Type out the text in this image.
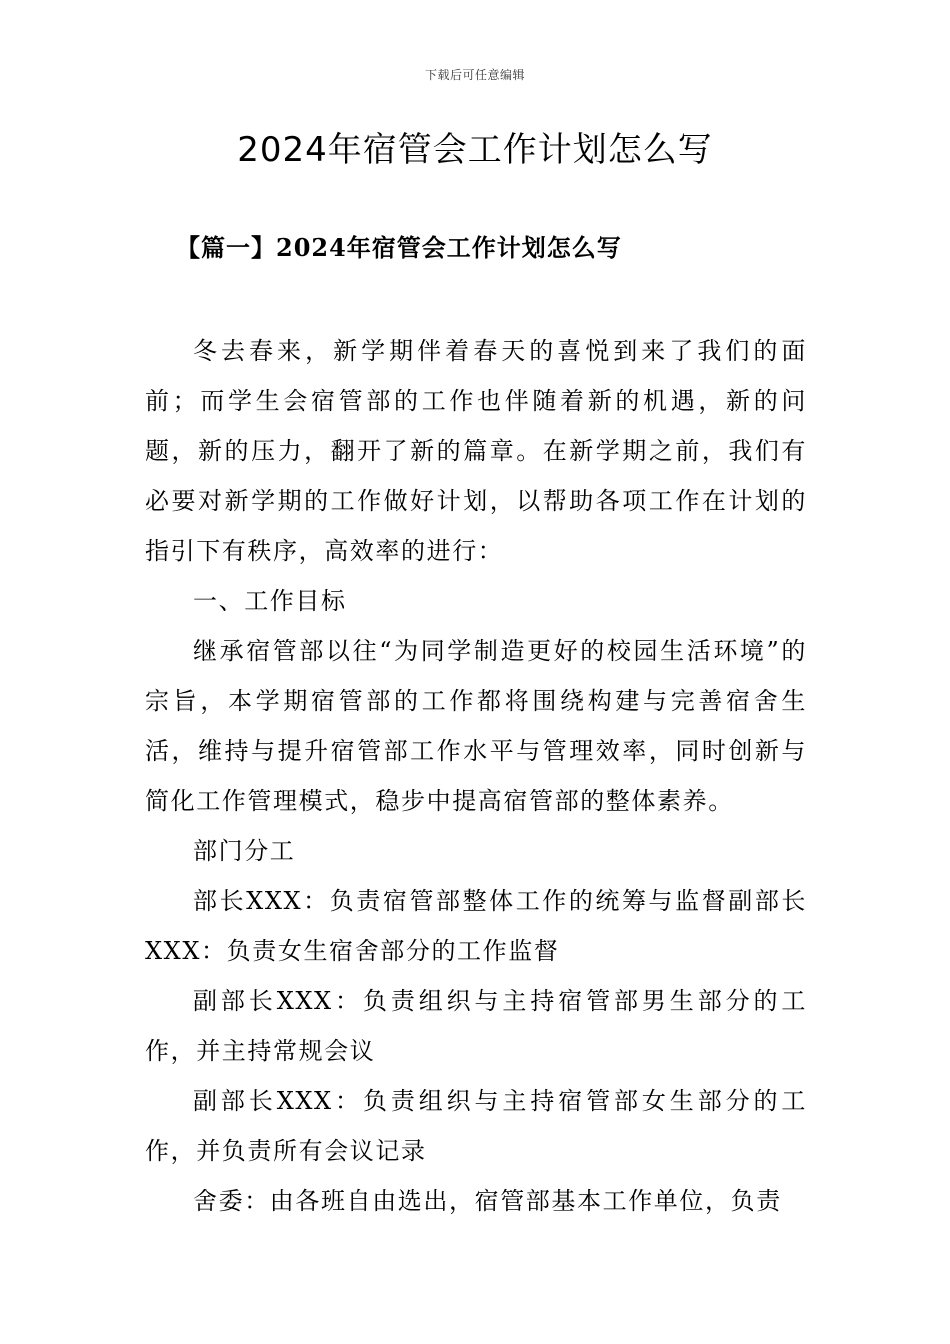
下载后可任意编辑
2024年宿管会工作计划怎么写
【篇一】2024年宿管会工作计划怎么写

冬去春来，新学期伴着春天的喜悦到来了我们的面前；而学生会宿管部的工作也伴随着新的机遇，新的问题，新的压力，翻开了新的篇章。在新学期之前，我们有必要对新学期的工作做好计划，以帮助各项工作在计划的指引下有秩序，高效率的进行：

一、工作目标

继承宿管部以往“为同学制造更好的校园生活环境”的宗旨，本学期宿管部的工作都将围绕构建与完善宿舍生活，维持与提升宿管部工作水平与管理效率，同时创新与简化工作管理模式，稳步中提高宿管部的整体素养。

部门分工

部长XXX：负责宿管部整体工作的统筹与监督副部长XXX：负责女生宿舍部分的工作监督

副部长XXX：负责组织与主持宿管部男生部分的工作，并主持常规会议

副部长XXX：负责组织与主持宿管部女生部分的工作，并负责所有会议记录

舍委：由各班自由选出，宿管部基本工作单位，负责
